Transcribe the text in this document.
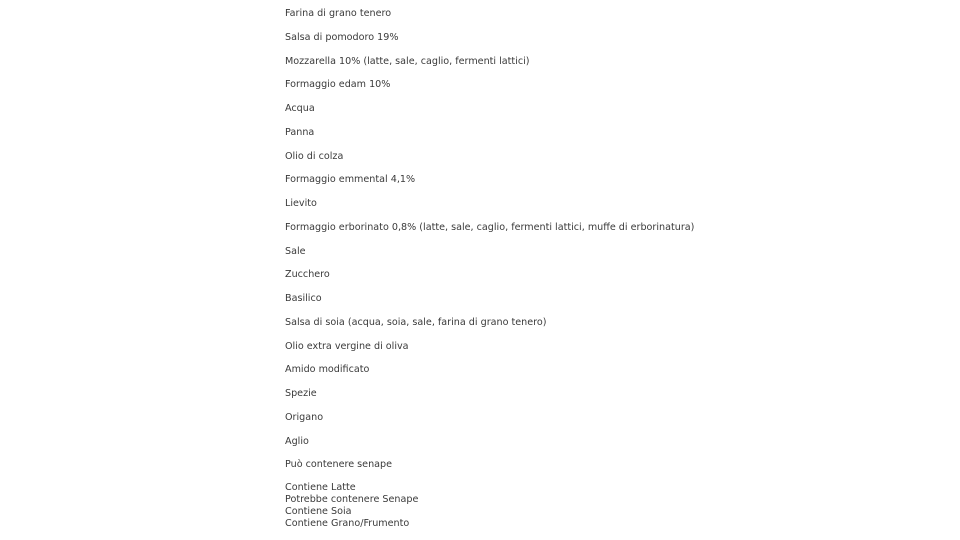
Farina di grano tenero
Salsa di pomodoro 19%
Mozzarella 10% (latte, sale, caglio, fermenti lattici)
Formaggio edam 10%
Acqua
Panna
Olio di colza
Formaggio emmental 4,1%
Lievito
Formaggio erborinato 0,8% (latte, sale, caglio, fermenti lattici, muffe di erborinatura)
Sale
Zucchero
Basilico
Salsa di soia (acqua, soia, sale, farina di grano tenero)
Olio extra vergine di oliva
Amido modificato
Spezie
Origano
Aglio
Può contenere senape
Contiene Latte
Potrebbe contenere Senape
Contiene Soia
Contiene Grano/Frumento
